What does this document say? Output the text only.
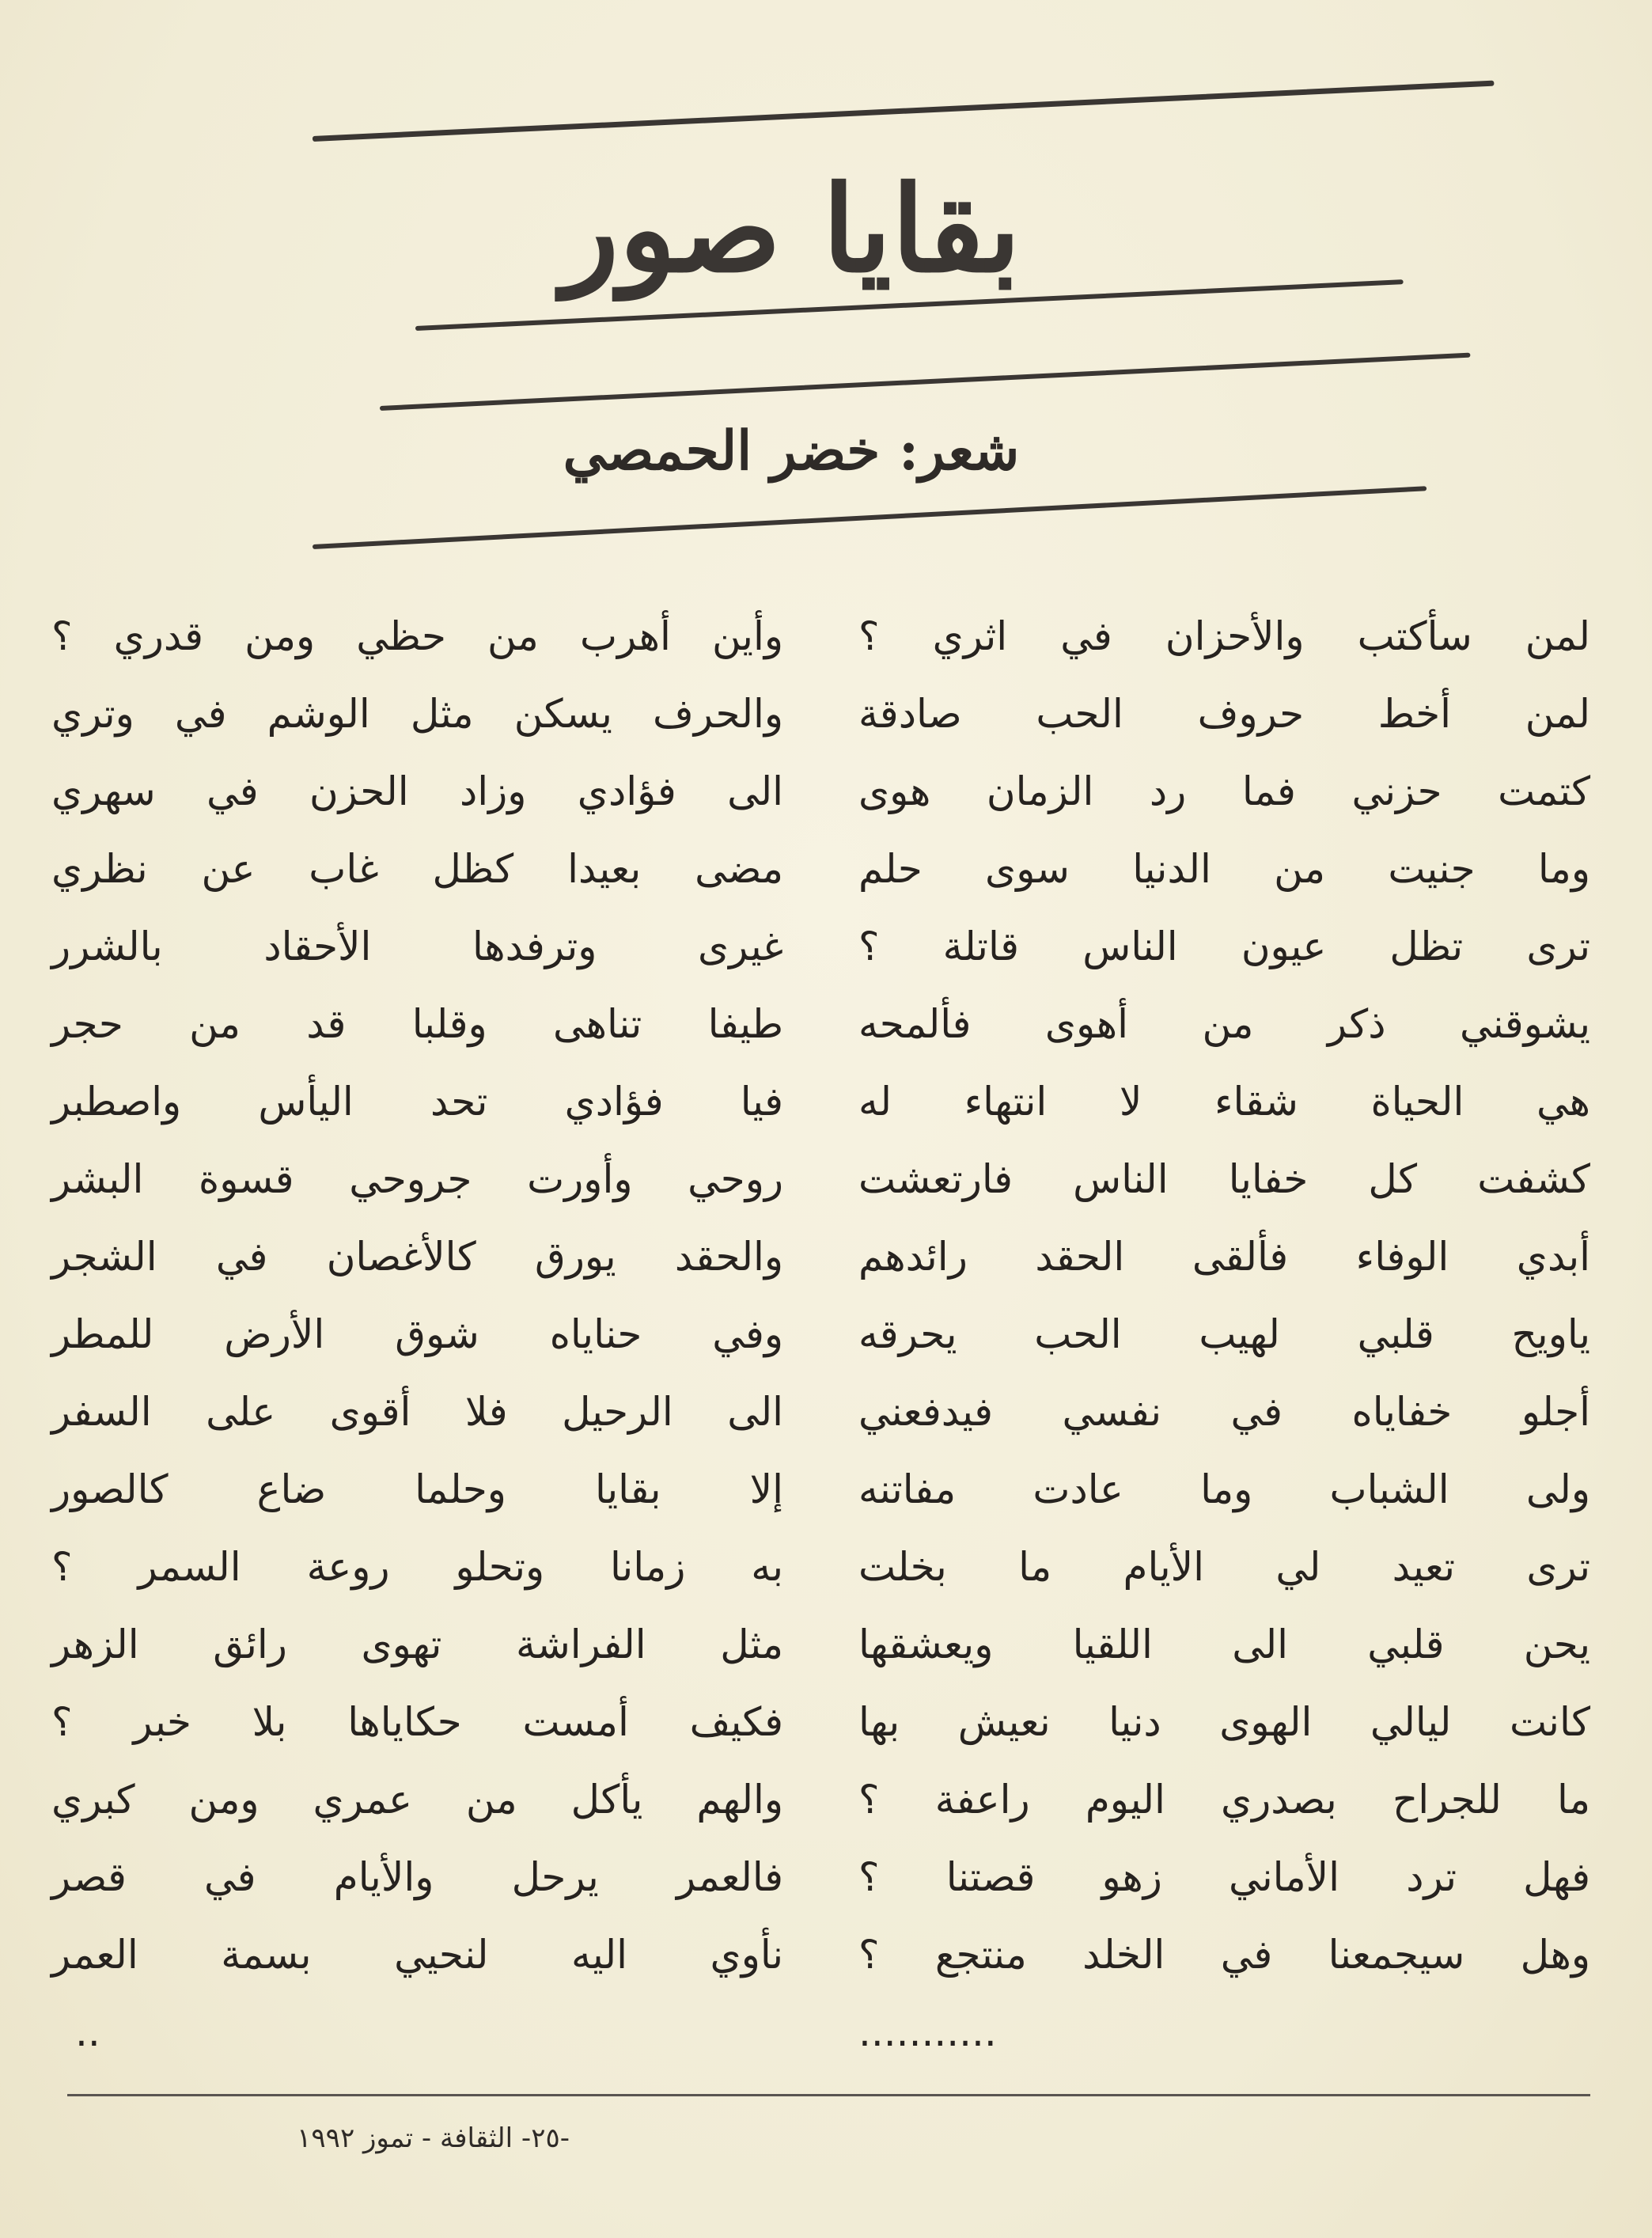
بقايا صور
شعر: خضر الحمصي
لمن سأكتب والأحزان في اثري ؟
لمن أخط حروف الحب صادقة
كتمت حزني فما رد الزمان هوى
وما جنيت من الدنيا سوى حلم
ترى تظل عيون الناس قاتلة ؟
يشوقني ذكر من أهوى فألمحه
هي الحياة شقاء لا انتهاء له
كشفت كل خفايا الناس فارتعشت
أبدي الوفاء فألقى الحقد رائدهم
ياويح قلبي لهيب الحب يحرقه
أجلو خفاياه في نفسي فيدفعني
ولى الشباب وما عادت مفاتنه
ترى تعيد لي الأيام ما بخلت
يحن قلبي الى اللقيا ويعشقها
كانت ليالي الهوى دنيا نعيش بها
ما للجراح بصدري اليوم راعفة ؟
فهل ترد الأماني زهو قصتنا ؟
وهل سيجمعنا في الخلد منتجع ؟
...........
وأين أهرب من حظي ومن قدري ؟
والحرف يسكن مثل الوشم في وتري
الى فؤادي وزاد الحزن في سهري
مضى بعيدا كظل غاب عن نظري
غيرى وترفدها الأحقاد بالشرر
طيفا تناهى وقلبا قد من حجر
فيا فؤادي تحد اليأس واصطبر
روحي وأورت جروحي قسوة البشر
والحقد يورق كالأغصان في الشجر
وفي حناياه شوق الأرض للمطر
الى الرحيل فلا أقوى على السفر
إلا بقايا وحلما ضاع كالصور
به زمانا وتحلو روعة السمر ؟
مثل الفراشة تهوى رائق الزهر
فكيف أمست حكاياها بلا خبر ؟
والهم يأكل من عمري ومن كبري
فالعمر يرحل والأيام في قصر
نأوي اليه لنحيي بسمة العمر
..
-٢٥- الثقافة - تموز ١٩٩٢
